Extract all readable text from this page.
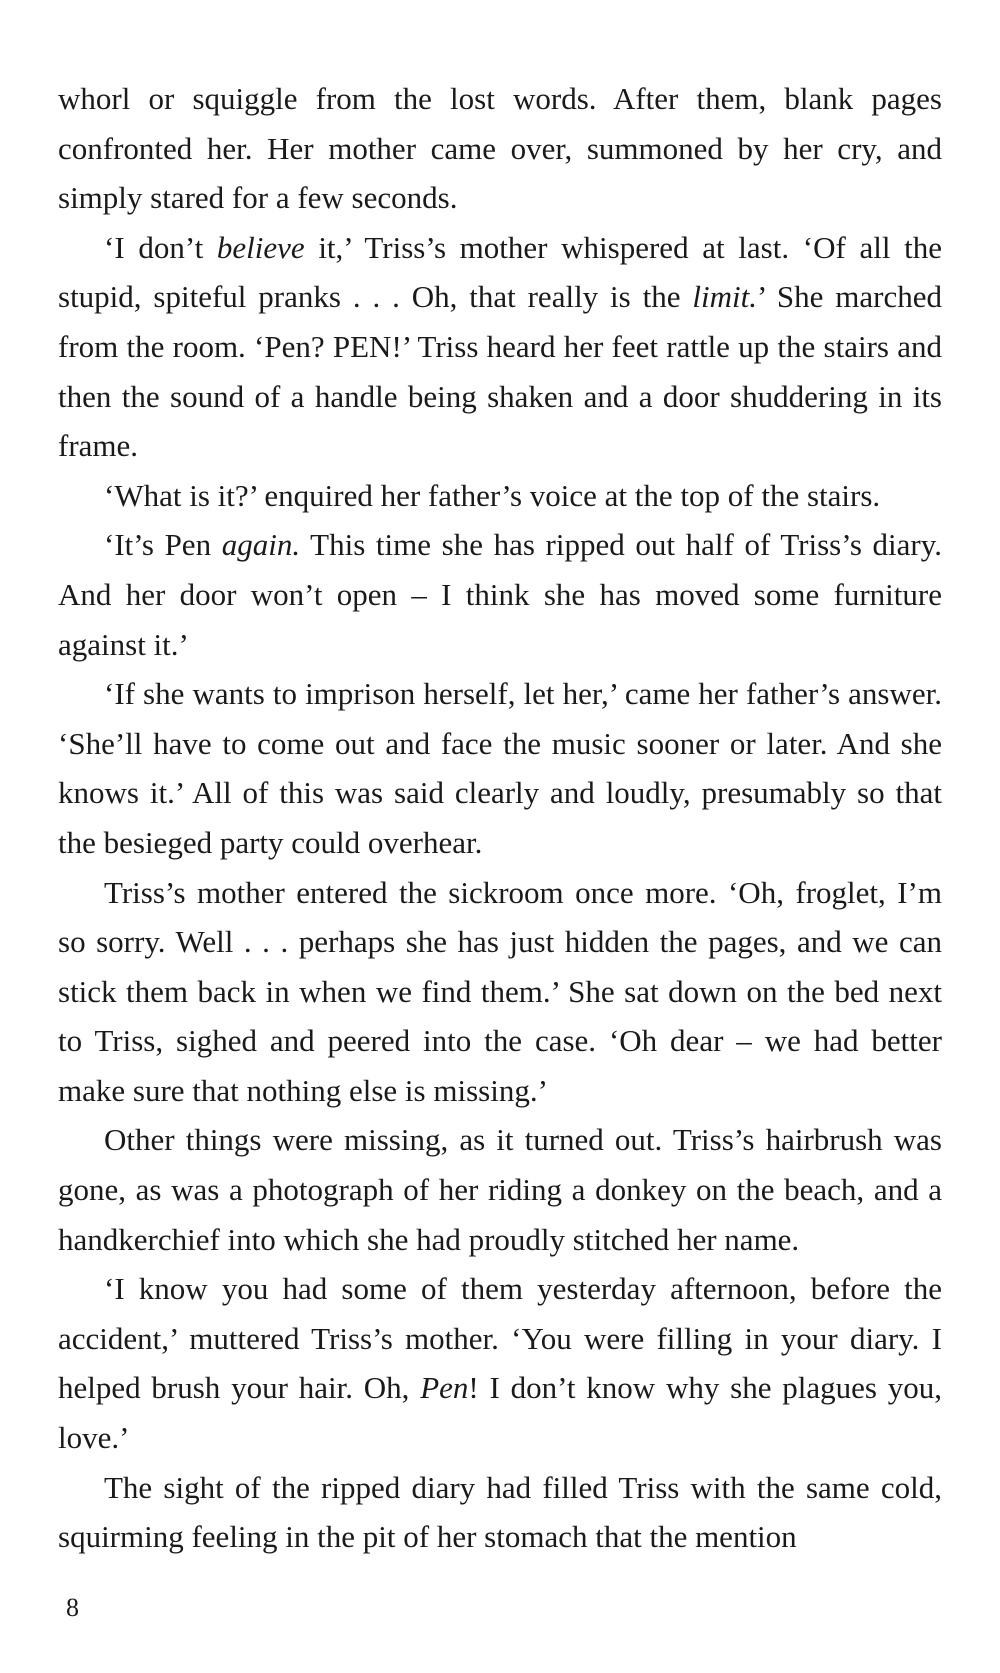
whorl or squiggle from the lost words. After them, blank pages confronted her. Her mother came over, summoned by her cry, and simply stared for a few seconds.

‘I don’t believe it,’ Triss’s mother whispered at last. ‘Of all the stupid, spiteful pranks . . . Oh, that really is the limit.’ She marched from the room. ‘Pen? PEN!’ Triss heard her feet rattle up the stairs and then the sound of a handle being shaken and a door shuddering in its frame.

‘What is it?’ enquired her father’s voice at the top of the stairs.

‘It’s Pen again. This time she has ripped out half of Triss’s diary. And her door won’t open – I think she has moved some furniture against it.’

‘If she wants to imprison herself, let her,’ came her father’s answer. ‘She’ll have to come out and face the music sooner or later. And she knows it.’ All of this was said clearly and loudly, presumably so that the besieged party could overhear.

Triss’s mother entered the sickroom once more. ‘Oh, froglet, I’m so sorry. Well . . . perhaps she has just hidden the pages, and we can stick them back in when we find them.’ She sat down on the bed next to Triss, sighed and peered into the case. ‘Oh dear – we had better make sure that nothing else is missing.’

Other things were missing, as it turned out. Triss’s hairbrush was gone, as was a photograph of her riding a donkey on the beach, and a handkerchief into which she had proudly stitched her name.

‘I know you had some of them yesterday afternoon, before the accident,’ muttered Triss’s mother. ‘You were filling in your diary. I helped brush your hair. Oh, Pen! I don’t know why she plagues you, love.’

The sight of the ripped diary had filled Triss with the same cold, squirming feeling in the pit of her stomach that the mention

8
